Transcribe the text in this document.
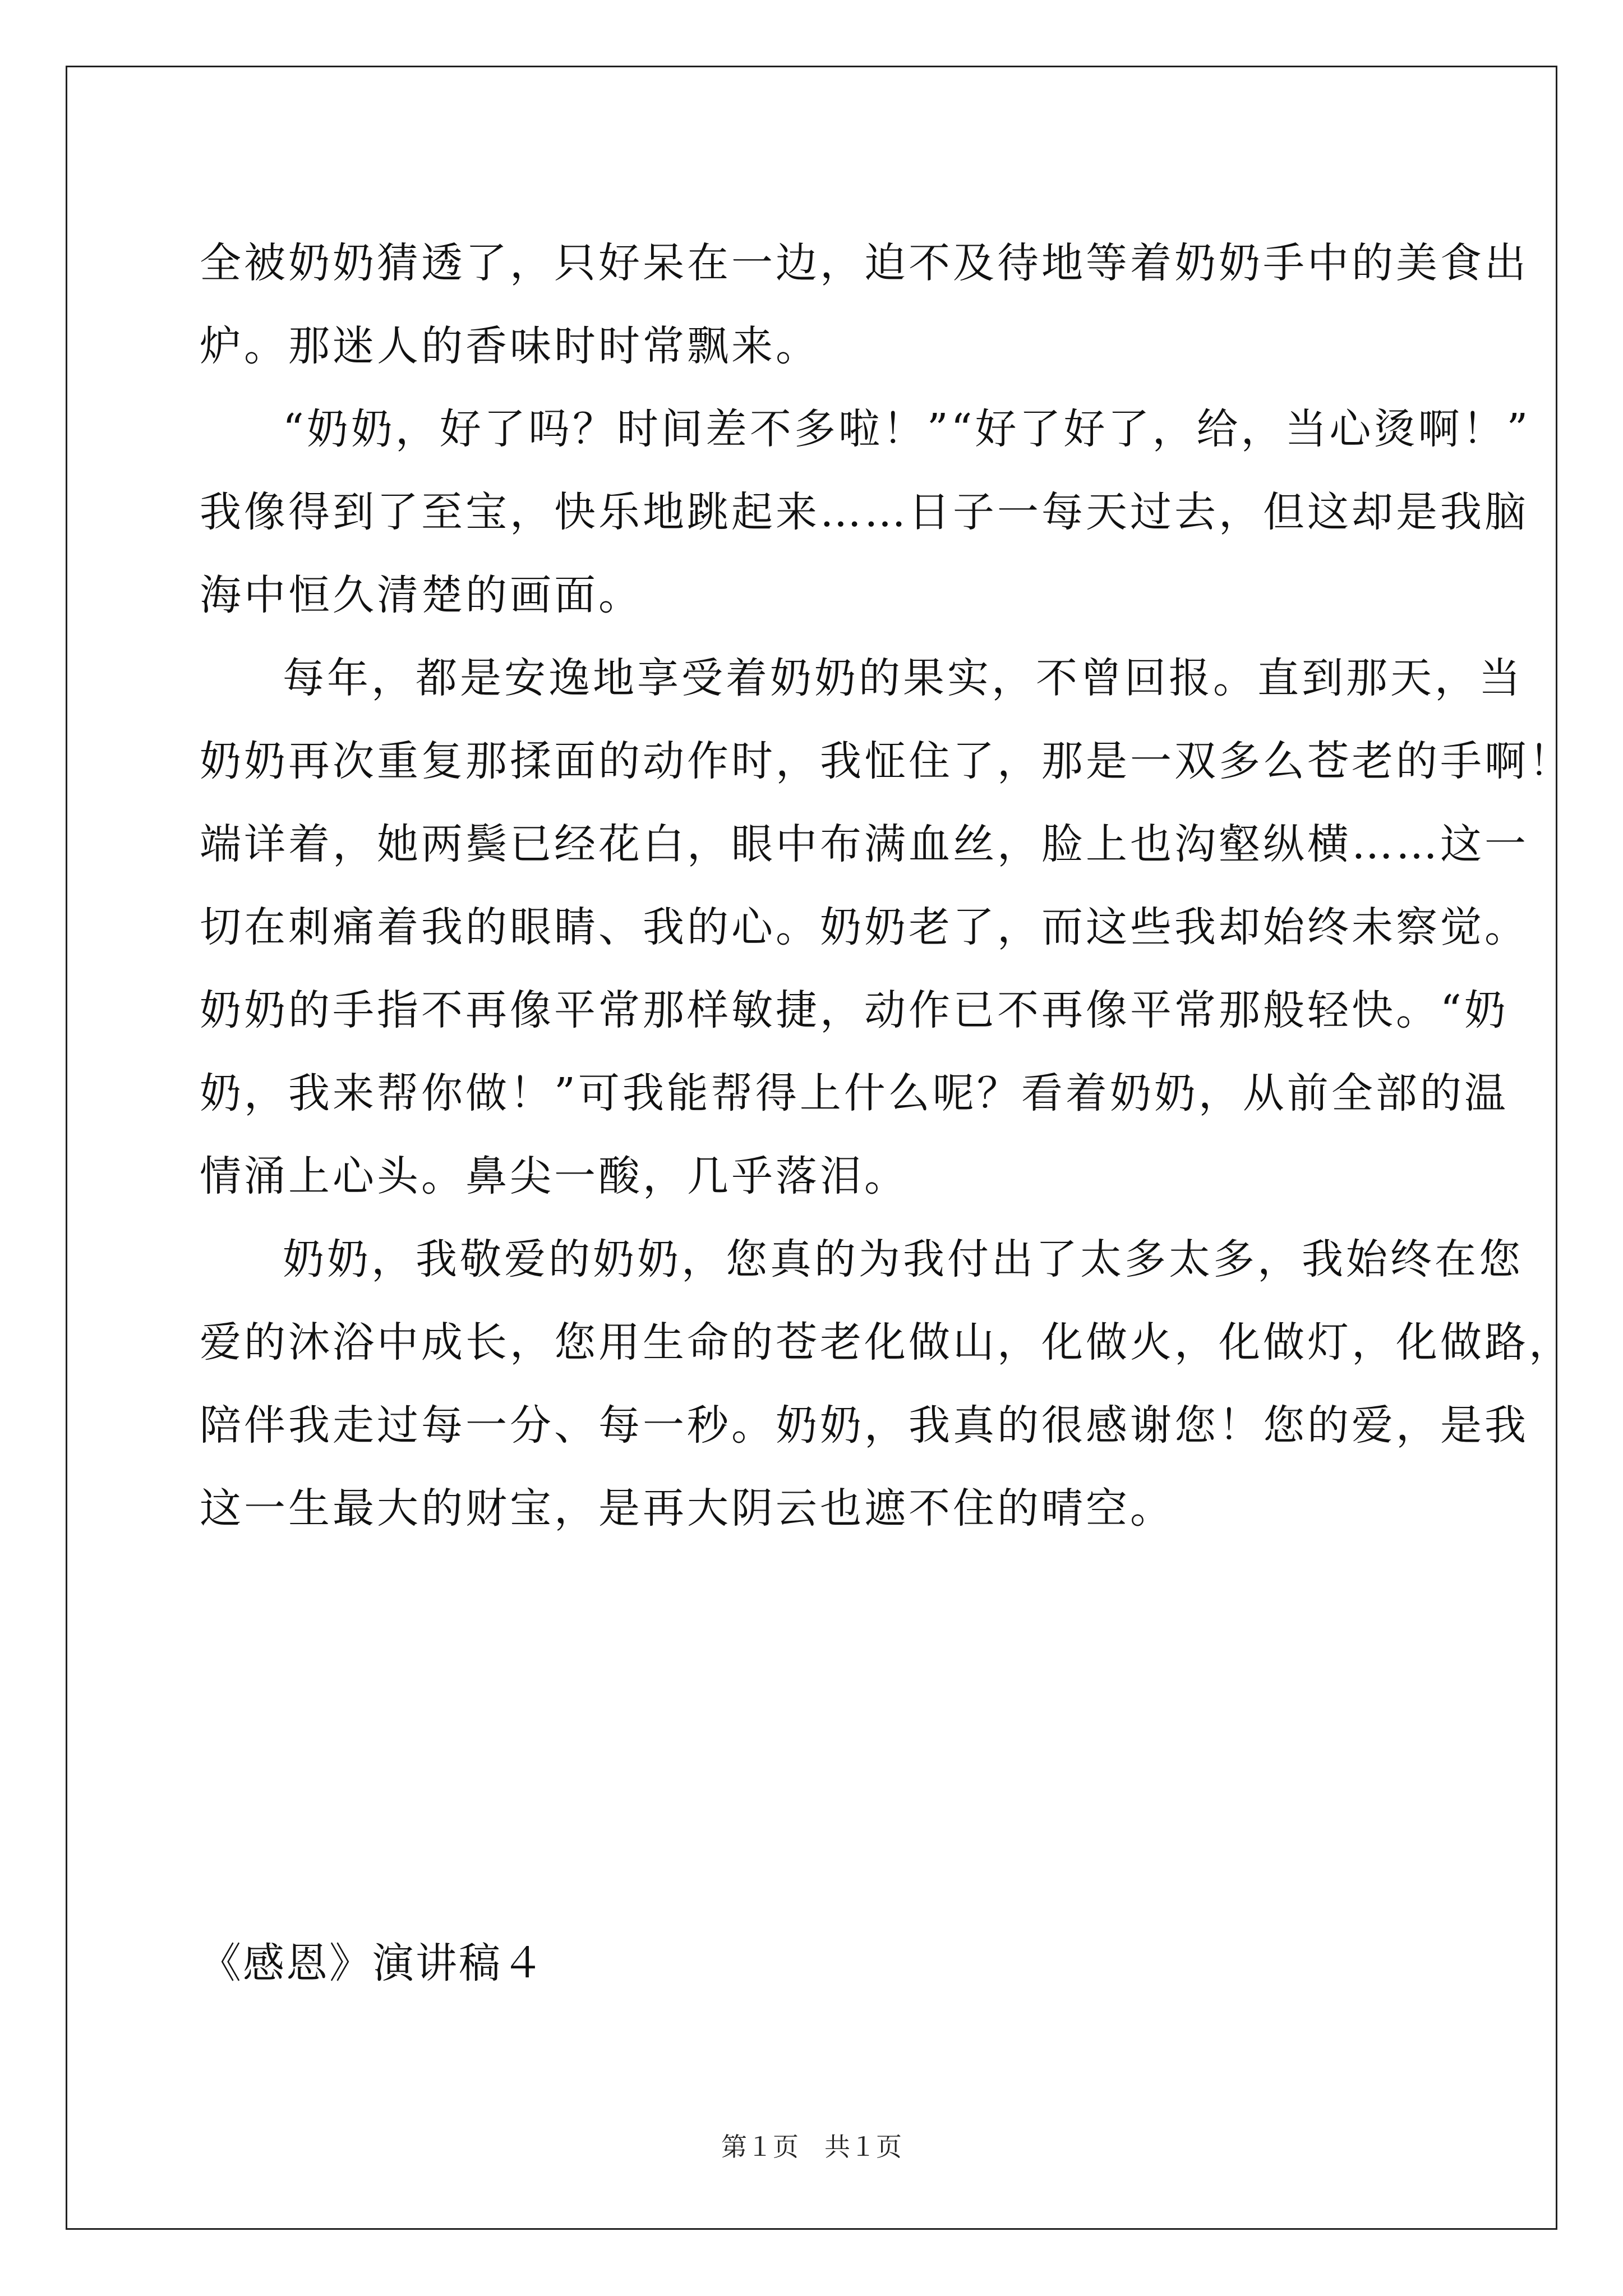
全被奶奶猜透了，只好呆在一边，迫不及待地等着奶奶手中的美食出
炉。那迷人的香味时时常飘来。
“奶奶，好了吗？时间差不多啦！”“好了好了，给，当心烫啊！”
我像得到了至宝，快乐地跳起来……日子一每天过去，但这却是我脑
海中恒久清楚的画面。
每年，都是安逸地享受着奶奶的果实，不曾回报。直到那天，当
奶奶再次重复那揉面的动作时，我怔住了，那是一双多么苍老的手啊！
端详着，她两鬓已经花白，眼中布满血丝，脸上也沟壑纵横……这一
切在刺痛着我的眼睛、我的心。奶奶老了，而这些我却始终未察觉。
奶奶的手指不再像平常那样敏捷，动作已不再像平常那般轻快。“奶
奶，我来帮你做！”可我能帮得上什么呢？看着奶奶，从前全部的温
情涌上心头。鼻尖一酸，几乎落泪。
奶奶，我敬爱的奶奶，您真的为我付出了太多太多，我始终在您
爱的沐浴中成长，您用生命的苍老化做山，化做火，化做灯，化做路，
陪伴我走过每一分、每一秒。奶奶，我真的很感谢您！您的爱，是我
这一生最大的财宝，是再大阴云也遮不住的晴空。
《感恩》演讲稿４
第１页　共１页
